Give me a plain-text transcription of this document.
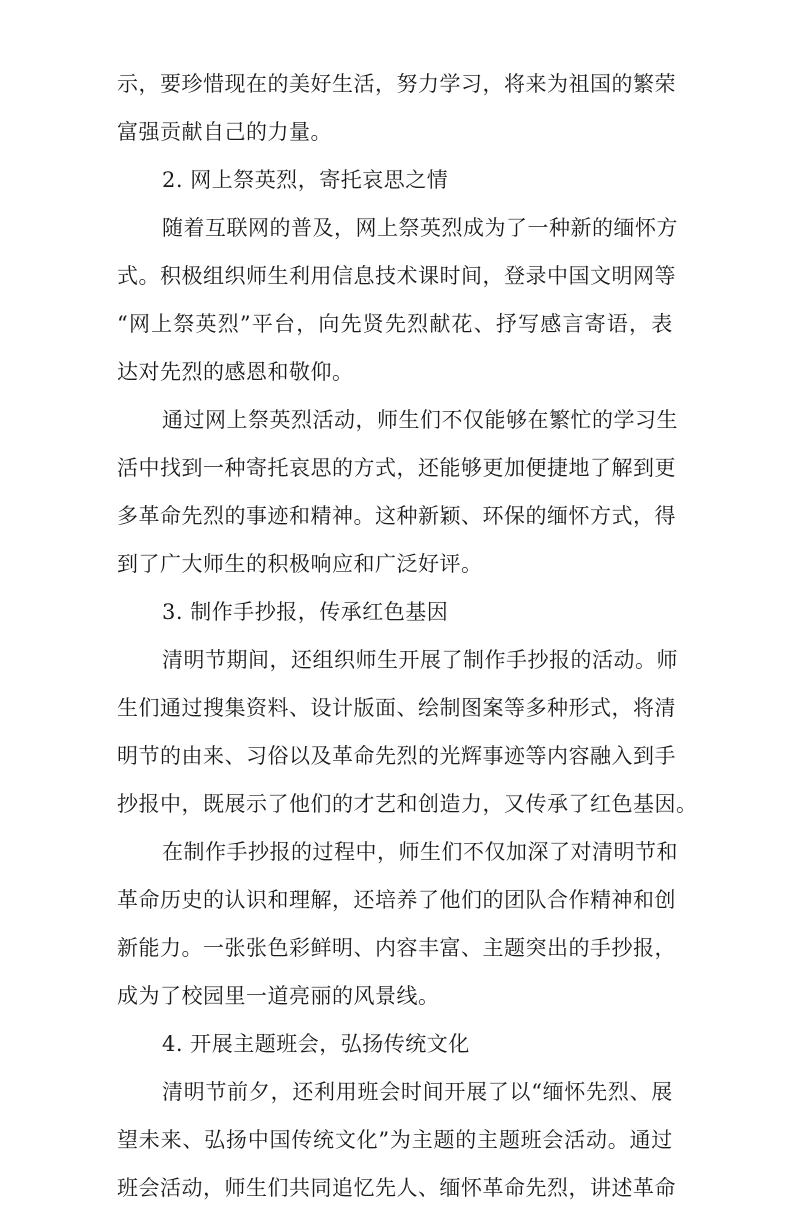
示 ， 要 珍 惜 现 在 的 美 好 生 活 ， 努 力 学 习 ， 将 来 为 祖 国 的 繁 荣
富强贡献自己的力量。
2. 网上祭英烈，寄托哀思之情
随 着 互 联 网 的 普 及 ， 网 上 祭 英 烈 成 为 了 一 种 新 的 缅 怀 方
式 。 积 极 组 织 师 生 利 用 信 息 技 术 课 时 间 ， 登 录 中 国 文 明 网 等
“ 网 上 祭 英 烈 ” 平 台 ， 向 先 贤 先 烈 献 花 、 抒 写 感 言 寄 语 ， 表
达对先烈的感恩和敬仰。
通 过 网 上 祭 英 烈 活 动 ， 师 生 们 不 仅 能 够 在 繁 忙 的 学 习 生
活 中 找 到 一 种 寄 托 哀 思 的 方 式 ， 还 能 够 更 加 便 捷 地 了 解 到 更
多 革 命 先 烈 的 事 迹 和 精 神 。 这 种 新 颖 、 环 保 的 缅 怀 方 式 ， 得
到了广大师生的积极响应和广泛好评。
3. 制作手抄报，传承红色基因
清 明 节 期 间 ， 还 组 织 师 生 开 展 了 制 作 手 抄 报 的 活 动 。 师
生 们 通 过 搜 集 资 料 、 设 计 版 面 、 绘 制 图 案 等 多 种 形 式 ， 将 清
明 节 的 由 来 、 习 俗 以 及 革 命 先 烈 的 光 辉 事 迹 等 内 容 融 入 到 手
抄 报 中 ， 既 展 示 了 他 们 的 才 艺 和 创 造 力 ， 又 传 承 了 红 色 基 因 。
在 制 作 手 抄 报 的 过 程 中 ， 师 生 们 不 仅 加 深 了 对 清 明 节 和
革 命 历 史 的 认 识 和 理 解 ， 还 培 养 了 他 们 的 团 队 合 作 精 神 和 创
新 能 力 。 一 张 张 色 彩 鲜 明 、 内 容 丰 富 、 主 题 突 出 的 手 抄 报 ，
成为了校园里一道亮丽的风景线。
4. 开展主题班会，弘扬传统文化
清 明 节 前 夕 ， 还 利 用 班 会 时 间 开 展 了 以 “ 缅 怀 先 烈 、 展
望 未 来 、 弘 扬 中 国 传 统 文 化 ” 为 主 题 的 主 题 班 会 活 动 。 通 过
班 会 活 动 ， 师 生 们 共 同 追 忆 先 人 、 缅 怀 革 命 先 烈 ， 讲 述 革 命
